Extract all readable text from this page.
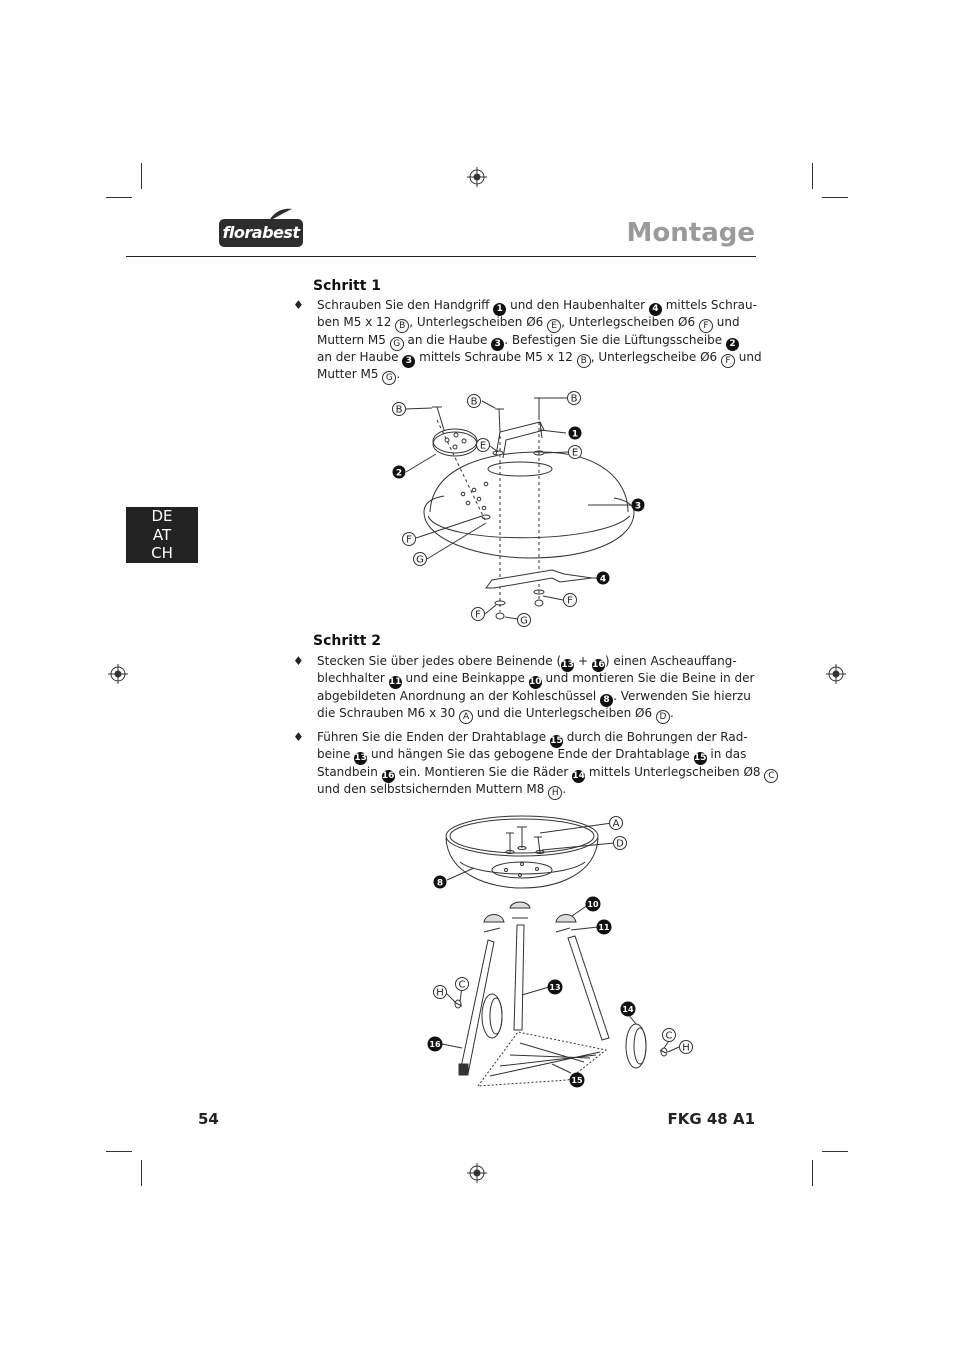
florabest	Montage
DE
AT
CH
Schritt 1
♦ Schrauben Sie den Handgriff 1 und den Haubenhalter 4 mittels Schrau-
ben M5 x 12 B , Unterlegscheiben Ø6 E , Unterlegscheiben Ø6 F und
Muttern M5 G an die Haube 3 . Befestigen Sie die Lüftungsscheibe 2
an der Haube 3 mittels Schraube M5 x 12 B , Unterlegscheibe Ø6 F und
Mutter M5 G .
B
B	B
1
E
E
2
3
F
G
4
F
F
G
Schritt 2
♦ Stecken Sie über jedes obere Beinende (13 + 16) einen Ascheauffang-
blechhalter 11 und eine Beinkappe 10 und montieren Sie die Beine in der
abgebildeten Anordnung an der Kohleschüssel 8 . Verwenden Sie hierzu
die Schrauben M6 x 30 A und die Unterlegscheiben Ø6 D .
♦ Führen Sie die Enden der Drahtablage 15 durch die Bohrungen der Rad-
beine 13 und hängen Sie das gebogene Ende der Drahtablage 15 in das
Standbein 16 ein. Montieren Sie die Räder 14 mittels Unterlegscheiben Ø8 C
und den selbstsichernden Muttern M8 H .
A
D
8
10
11
13
C
H
14
C
H
16
15
54	FKG 48 A1
